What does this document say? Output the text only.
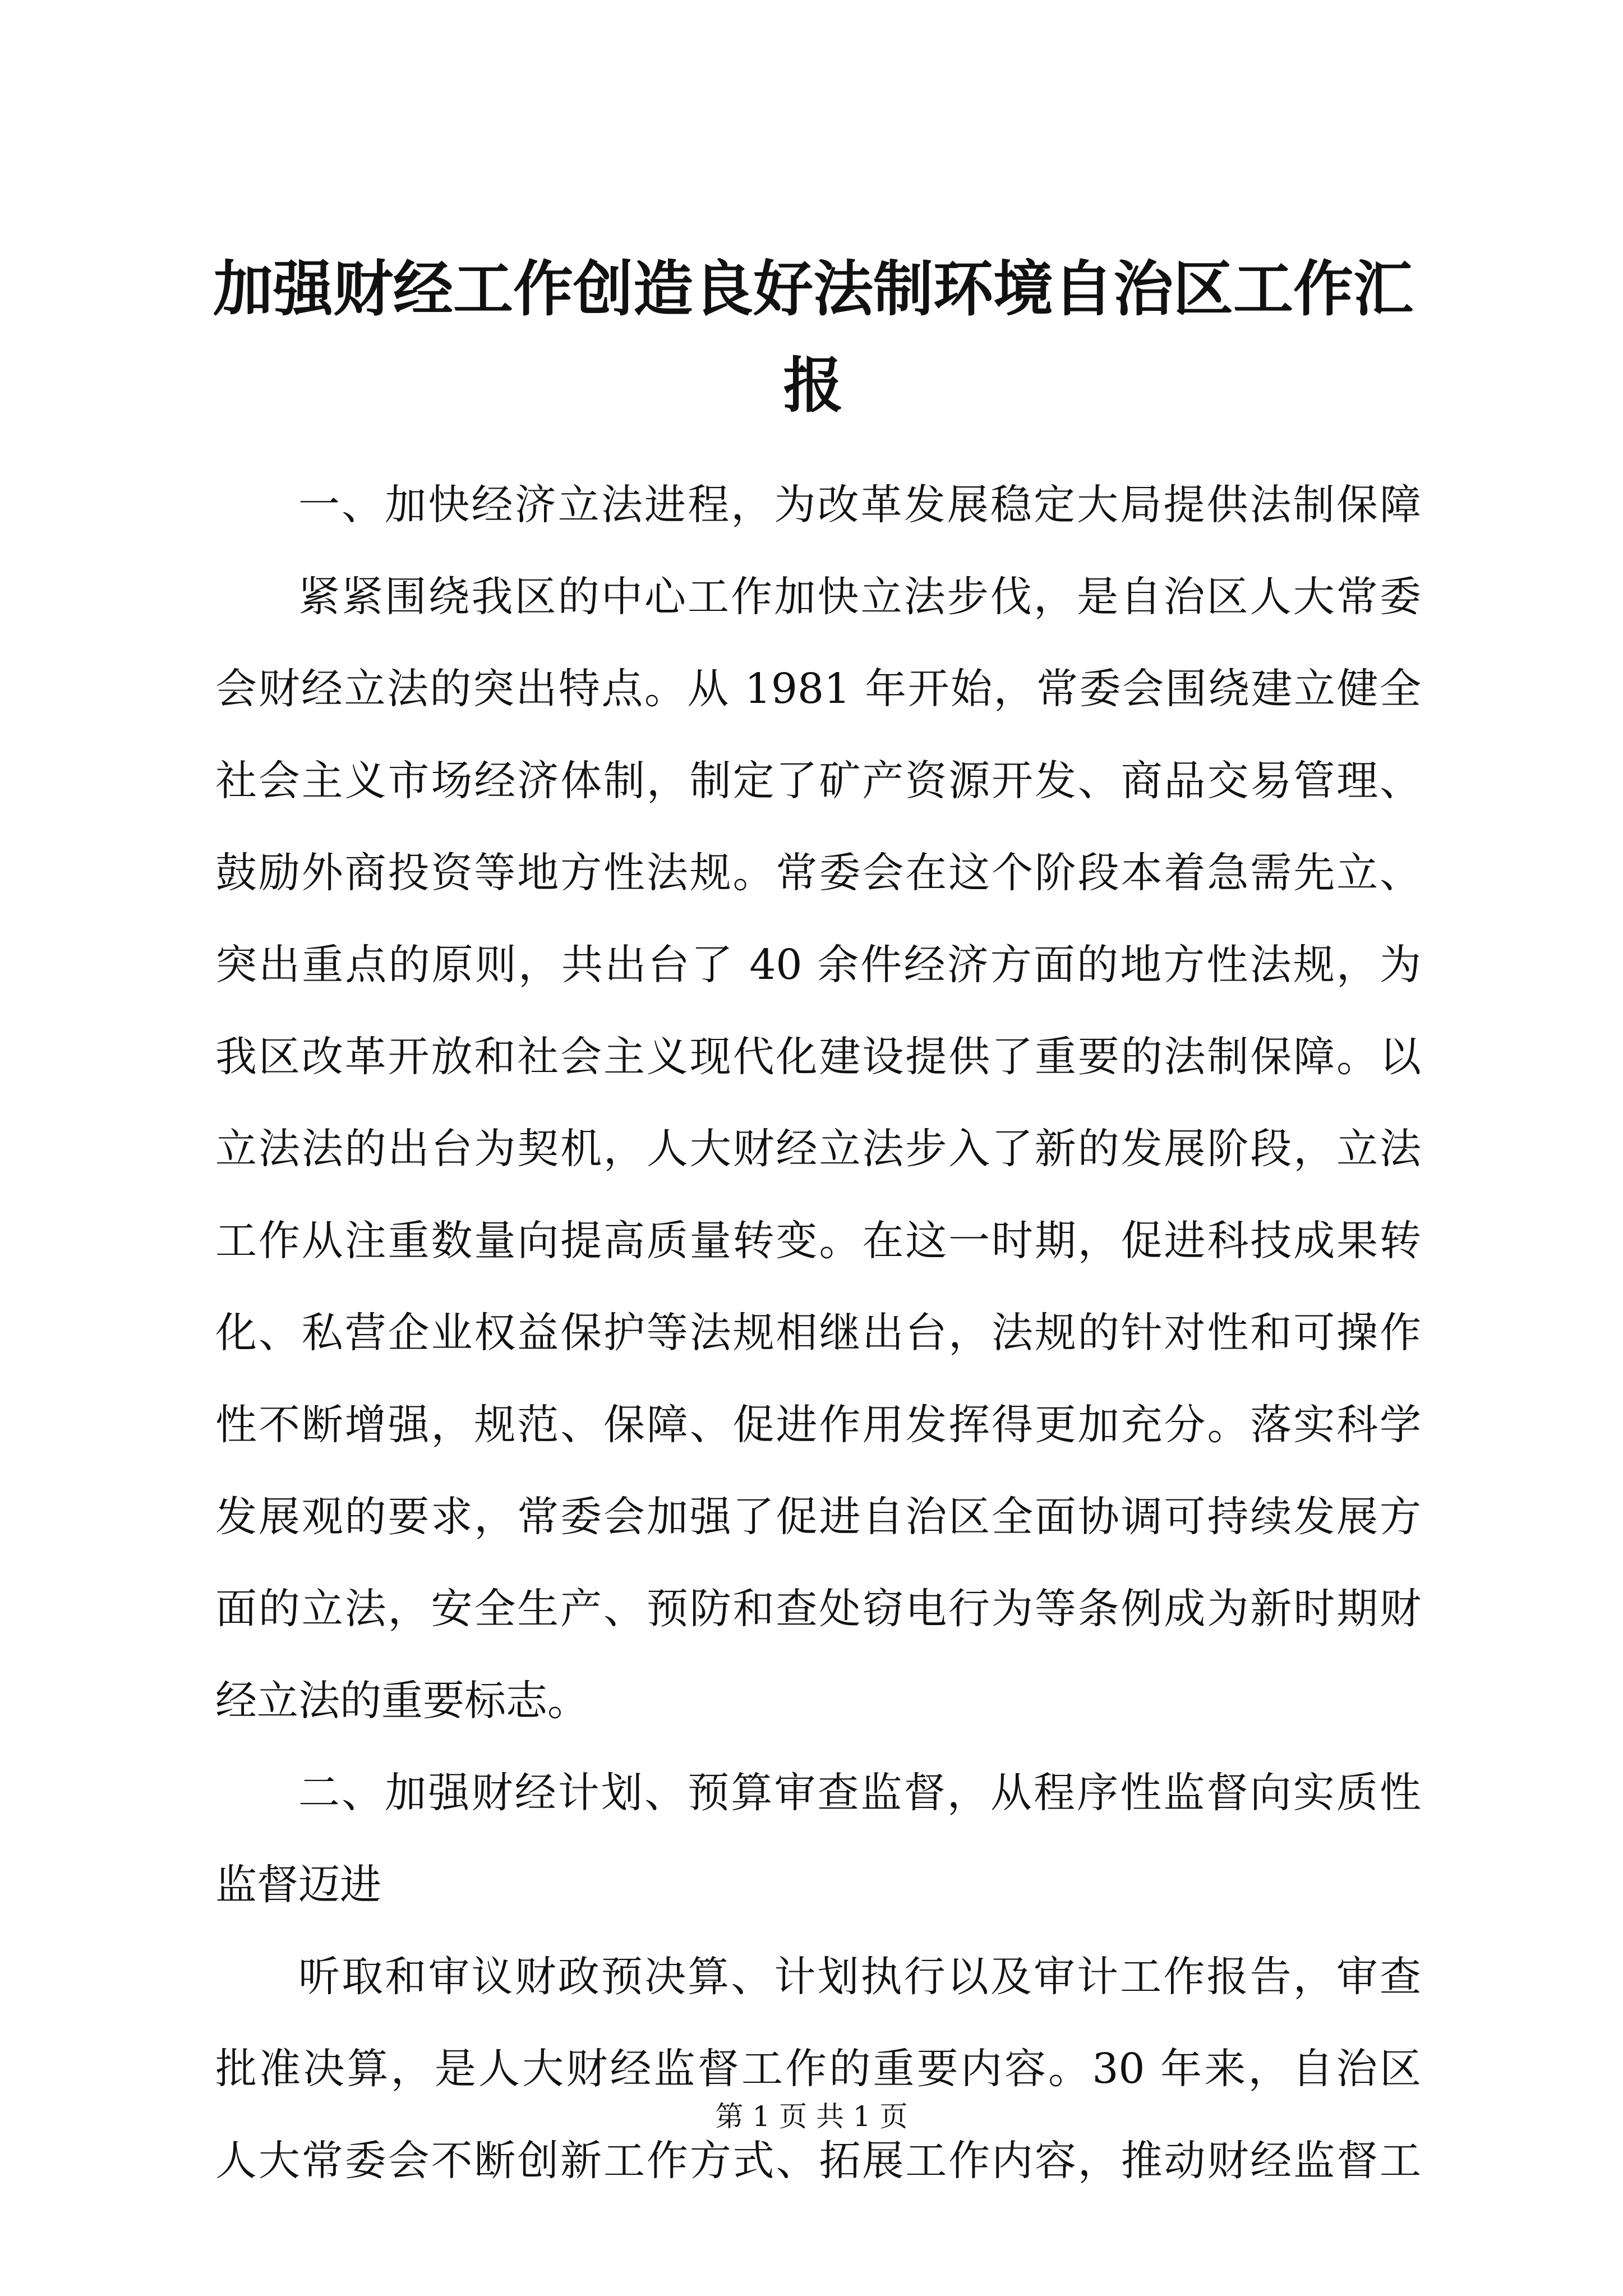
加强财经工作创造良好法制环境自治区工作汇
报
一、加快经济立法进程，为改革发展稳定大局提供法制保障
紧紧围绕我区的中心工作加快立法步伐，是自治区人大常委
会财经立法的突出特点。从 1981 年开始，常委会围绕建立健全
社会主义市场经济体制，制定了矿产资源开发、商品交易管理、
鼓励外商投资等地方性法规。常委会在这个阶段本着急需先立、
突出重点的原则，共出台了 40 余件经济方面的地方性法规，为
我区改革开放和社会主义现代化建设提供了重要的法制保障。以
立法法的出台为契机，人大财经立法步入了新的发展阶段，立法
工作从注重数量向提高质量转变。在这一时期，促进科技成果转
化、私营企业权益保护等法规相继出台，法规的针对性和可操作
性不断增强，规范、保障、促进作用发挥得更加充分。落实科学
发展观的要求，常委会加强了促进自治区全面协调可持续发展方
面的立法，安全生产、预防和查处窃电行为等条例成为新时期财
经立法的重要标志。
二、加强财经计划、预算审查监督，从程序性监督向实质性
监督迈进
听取和审议财政预决算、计划执行以及审计工作报告，审查
批准决算，是人大财经监督工作的重要内容。30 年来，自治区
人大常委会不断创新工作方式、拓展工作内容，推动财经监督工
第 1 页 共 1 页
